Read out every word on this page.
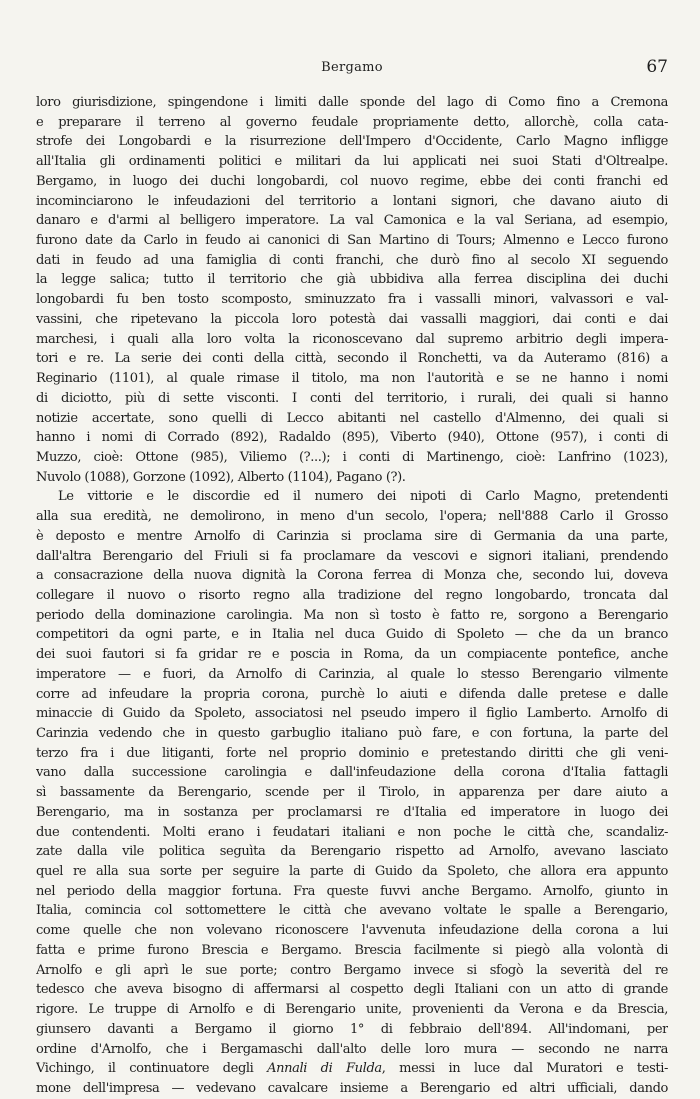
Bergamo	67
loro giurisdizione, spingendone i limiti dalle sponde del lago di Como fino a Cremona
e preparare il terreno al governo feudale propriamente detto, allorchè, colla cata-
strofe dei Longobardi e la risurrezione dell'Impero d'Occidente, Carlo Magno infligge
all'Italia gli ordinamenti politici e militari da lui applicati nei suoi Stati d'Oltrealpe.
Bergamo, in luogo dei duchi longobardi, col nuovo regime, ebbe dei conti franchi ed
incominciarono le infeudazioni del territorio a lontani signori, che davano aiuto di
danaro e d'armi al belligero imperatore. La val Camonica e la val Seriana, ad esempio,
furono date da Carlo in feudo ai canonici di San Martino di Tours; Almenno e Lecco furono
dati in feudo ad una famiglia di conti franchi, che durò fino al secolo XI seguendo
la legge salica; tutto il territorio che già ubbidiva alla ferrea disciplina dei duchi
longobardi fu ben tosto scomposto, sminuzzato fra i vassalli minori, valvassori e val-
vassini, che ripetevano la piccola loro potestà dai vassalli maggiori, dai conti e dai
marchesi, i quali alla loro volta la riconoscevano dal supremo arbitrio degli impera-
tori e re. La serie dei conti della città, secondo il Ronchetti, va da Auteramo (816) a
Reginario (1101), al quale rimase il titolo, ma non l'autorità e se ne hanno i nomi
di diciotto, più di sette visconti. I conti del territorio, i rurali, dei quali si hanno
notizie accertate, sono quelli di Lecco abitanti nel castello d'Almenno, dei quali si
hanno i nomi di Corrado (892), Radaldo (895), Viberto (940), Ottone (957), i conti di
Muzzo, cioè: Ottone (985), Viliemo (?...); i conti di Martinengo, cioè: Lanfrino (1023),
Nuvolo (1088), Gorzone (1092), Alberto (1104), Pagano (?).
Le vittorie e le discordie ed il numero dei nipoti di Carlo Magno, pretendenti
alla sua eredità, ne demolirono, in meno d'un secolo, l'opera; nell'888 Carlo il Grosso
è deposto e mentre Arnolfo di Carinzia si proclama sire di Germania da una parte,
dall'altra Berengario del Friuli si fa proclamare da vescovi e signori italiani, prendendo
a consacrazione della nuova dignità la Corona ferrea di Monza che, secondo lui, doveva
collegare il nuovo o risorto regno alla tradizione del regno longobardo, troncata dal
periodo della dominazione carolingia. Ma non sì tosto è fatto re, sorgono a Berengario
competitori da ogni parte, e in Italia nel duca Guido di Spoleto — che da un branco
dei suoi fautori si fa gridar re e poscia in Roma, da un compiacente pontefice, anche
imperatore — e fuori, da Arnolfo di Carinzia, al quale lo stesso Berengario vilmente
corre ad infeudare la propria corona, purchè lo aiuti e difenda dalle pretese e dalle
minaccie di Guido da Spoleto, associatosi nel pseudo impero il figlio Lamberto. Arnolfo di
Carinzia vedendo che in questo garbuglio italiano può fare, e con fortuna, la parte del
terzo fra i due litiganti, forte nel proprio dominio e pretestando diritti che gli veni-
vano dalla successione carolingia e dall'infeudazione della corona d'Italia fattagli
sì bassamente da Berengario, scende per il Tirolo, in apparenza per dare aiuto a
Berengario, ma in sostanza per proclamarsi re d'Italia ed imperatore in luogo dei
due contendenti. Molti erano i feudatari italiani e non poche le città che, scandaliz-
zate dalla vile politica seguìta da Berengario rispetto ad Arnolfo, avevano lasciato
quel re alla sua sorte per seguire la parte di Guido da Spoleto, che allora era appunto
nel periodo della maggior fortuna. Fra queste fuvvi anche Bergamo. Arnolfo, giunto in
Italia, comincia col sottomettere le città che avevano voltate le spalle a Berengario,
come quelle che non volevano riconoscere l'avvenuta infeudazione della corona a lui
fatta e prime furono Brescia e Bergamo. Brescia facilmente si piegò alla volontà di
Arnolfo e gli aprì le sue porte; contro Bergamo invece si sfogò la severità del re
tedesco che aveva bisogno di affermarsi al cospetto degli Italiani con un atto di grande
rigore. Le truppe di Arnolfo e di Berengario unite, provenienti da Verona e da Brescia,
giunsero davanti a Bergamo il giorno 1° di febbraio dell'894. All'indomani, per
ordine d'Arnolfo, che i Bergamaschi dall'alto delle loro mura — secondo ne narra
Vichingo, il continuatore degli Annali di Fulda, messi in luce dal Muratori e testi-
mone dell'impresa — vedevano cavalcare insieme a Berengario ed altri ufficiali, dando
